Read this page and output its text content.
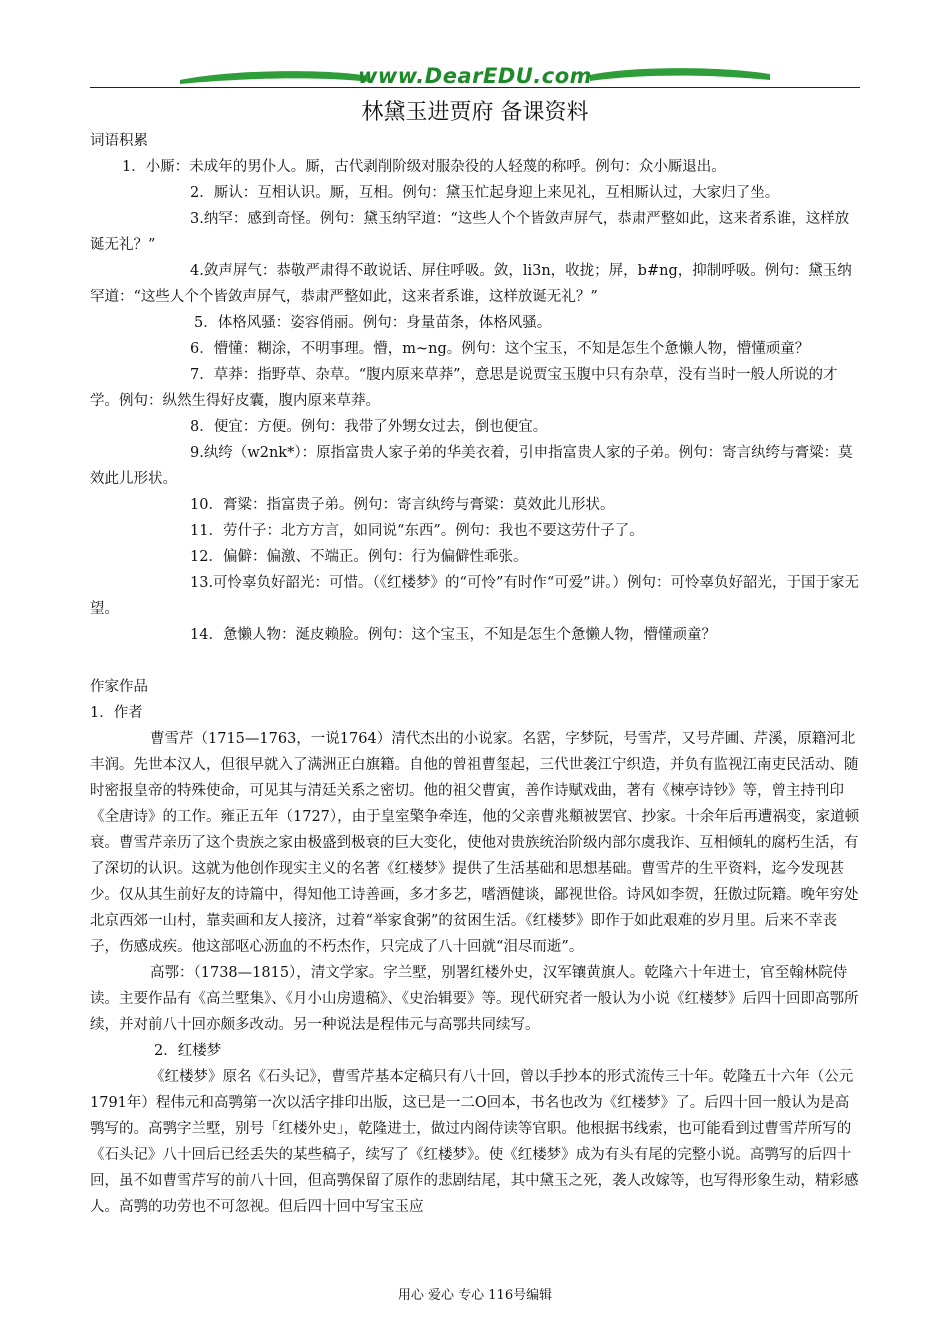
www.DearEDU.com
林黛玉进贾府 备课资料

词语积累

1．小厮：未成年的男仆人。厮，古代剥削阶级对服杂役的人轻蔑的称呼。例句：众小厮退出。

2．厮认：互相认识。厮，互相。例句：黛玉忙起身迎上来见礼，互相厮认过，大家归了坐。

3.纳罕：感到奇怪。例句：黛玉纳罕道：“这些人个个皆敛声屏气，恭肃严整如此，这来者系谁，这样放诞无礼？”

4.敛声屏气：恭敬严肃得不敢说话、屏住呼吸。敛，li3n，收拢；屏，b#ng，抑制呼吸。例句：黛玉纳罕道：“这些人个个皆敛声屏气，恭肃严整如此，这来者系谁，这样放诞无礼？”

5．体格风骚：姿容俏丽。例句：身量苗条，体格风骚。

6．懵懂：糊涂，不明事理。懵，m~ng。例句：这个宝玉，不知是怎生个惫懒人物，懵懂顽童？

7．草莽：指野草、杂草。“腹内原来草莽”，意思是说贾宝玉腹中只有杂草，没有当时一般人所说的才学。例句：纵然生得好皮囊，腹内原来草莽。

8．便宜：方便。例句：我带了外甥女过去，倒也便宜。

9.纨绔（w2nk*）：原指富贵人家子弟的华美衣着，引申指富贵人家的子弟。例句：寄言纨绔与膏粱：莫效此儿形状。

10．膏粱：指富贵子弟。例句：寄言纨绔与膏粱：莫效此儿形状。

11．劳什子：北方方言，如同说“东西”。例句：我也不要这劳什子了。

12．偏僻：偏激、不端正。例句：行为偏僻性乖张。

13.可怜辜负好韶光：可惜。（《红楼梦》的“可怜”有时作“可爱”讲。）例句：可怜辜负好韶光，于国于家无望。

14．惫懒人物：涎皮赖脸。例句：这个宝玉，不知是怎生个惫懒人物，懵懂顽童？

作家作品

1．作者

曹雪芹（1715—1763，一说1764）清代杰出的小说家。名霑，字梦阮，号雪芹，又号芹圃、芹溪，原籍河北丰润。先世本汉人，但很早就入了满洲正白旗籍。自他的曾祖曹玺起，三代世袭江宁织造，并负有监视江南吏民活动、随时密报皇帝的特殊使命，可见其与清廷关系之密切。他的祖父曹寅，善作诗赋戏曲，著有《楝亭诗钞》等，曾主持刊印《全唐诗》的工作。雍正五年（1727），由于皇室檠争牵连，他的父亲曹兆頫被罢官、抄家。十余年后再遭祸变，家道顿衰。曹雪芹亲历了这个贵族之家由极盛到极衰的巨大变化，使他对贵族统治阶级内部尔虞我诈、互相倾轧的腐朽生活，有了深切的认识。这就为他创作现实主义的名著《红楼梦》提供了生活基础和思想基础。曹雪芹的生平资料，迄今发现甚少。仅从其生前好友的诗篇中，得知他工诗善画，多才多艺，嗜酒健谈，鄙视世俗。诗风如李贺，狂傲过阮籍。晚年穷处北京西郊一山村，靠卖画和友人接济，过着“举家食粥”的贫困生活。《红楼梦》即作于如此艰难的岁月里。后来不幸丧子，伤感成疾。他这部呕心沥血的不朽杰作，只完成了八十回就“泪尽而逝”。

高鄂：（1738—1815），清文学家。字兰墅，别署红楼外史，汉军镶黄旗人。乾隆六十年进士，官至翰林院侍读。主要作品有《高兰墅集》、《月小山房遗稿》、《史治辑要》等。现代研究者一般认为小说《红楼梦》后四十回即高鄂所续，并对前八十回亦颇多改动。另一种说法是程伟元与高鄂共同续写。

2．红楼梦

《红楼梦》原名《石头记》，曹雪芹基本定稿只有八十回，曾以手抄本的形式流传三十年。乾隆五十六年（公元1791年）程伟元和高鹗第一次以活字排印出版，这已是一二O回本，书名也改为《红楼梦》了。后四十回一般认为是高鹗写的。高鹗字兰墅，别号「红楼外史」，乾隆进士，做过内阁侍读等官职。他根据书线索，也可能看到过曹雪芹所写的《石头记》八十回后已经丢失的某些稿子，续写了《红楼梦》。使《红楼梦》成为有头有尾的完整小说。高鹗写的后四十回，虽不如曹雪芹写的前八十回，但高鹗保留了原作的悲剧结尾，其中黛玉之死，袭人改嫁等，也写得形象生动，精彩感人。高鹗的功劳也不可忽视。但后四十回中写宝玉应

用心 爱心 专心 116号编辑
